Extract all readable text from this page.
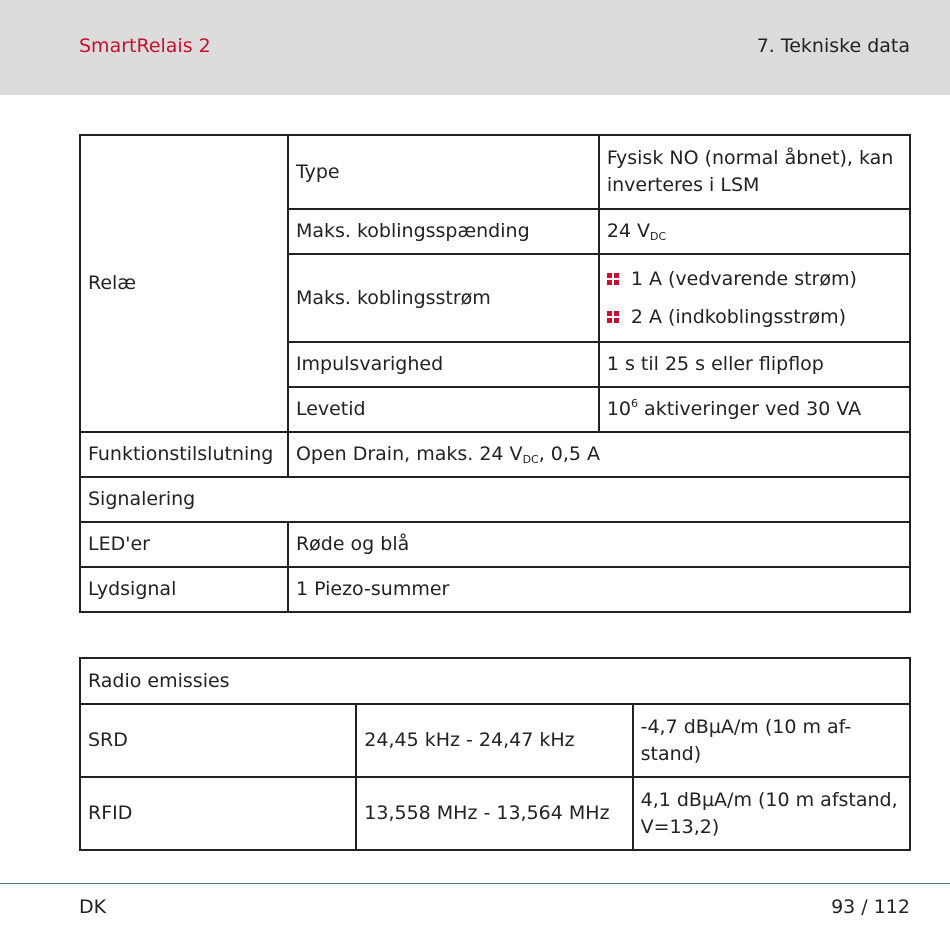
SmartRelais 2	7. Tekniske data
Relæ	Type	Fysisk NO (normal åbnet), kan inverteres i LSM
	Maks. koblingsspænding	24 $V_{DC}$
	Maks. koblingsstrøm	1 A (vedvarende strøm)
2 A (indkoblingsstrøm)

	Impulsvarighed	1 s til 25 s eller flipflop
	Levetid	$10^6$ aktiveringer ved 30 VA
Funktionstilslutning	Open Drain, maks. 24 $V_{DC}$, 0,5 A	
Signalering		
LED'er	Røde og blå	
Lydsignal	1 Piezo-summer	
Radio emissies		
SRD	24,45 kHz - 24,47 kHz	-4,7 dBµA/m (10 m af-stand)
RFID	13,558 MHz - 13,564 MHz	4,1 dBµA/m (10 m afstand, V=13,2)
DK	93 / 112
